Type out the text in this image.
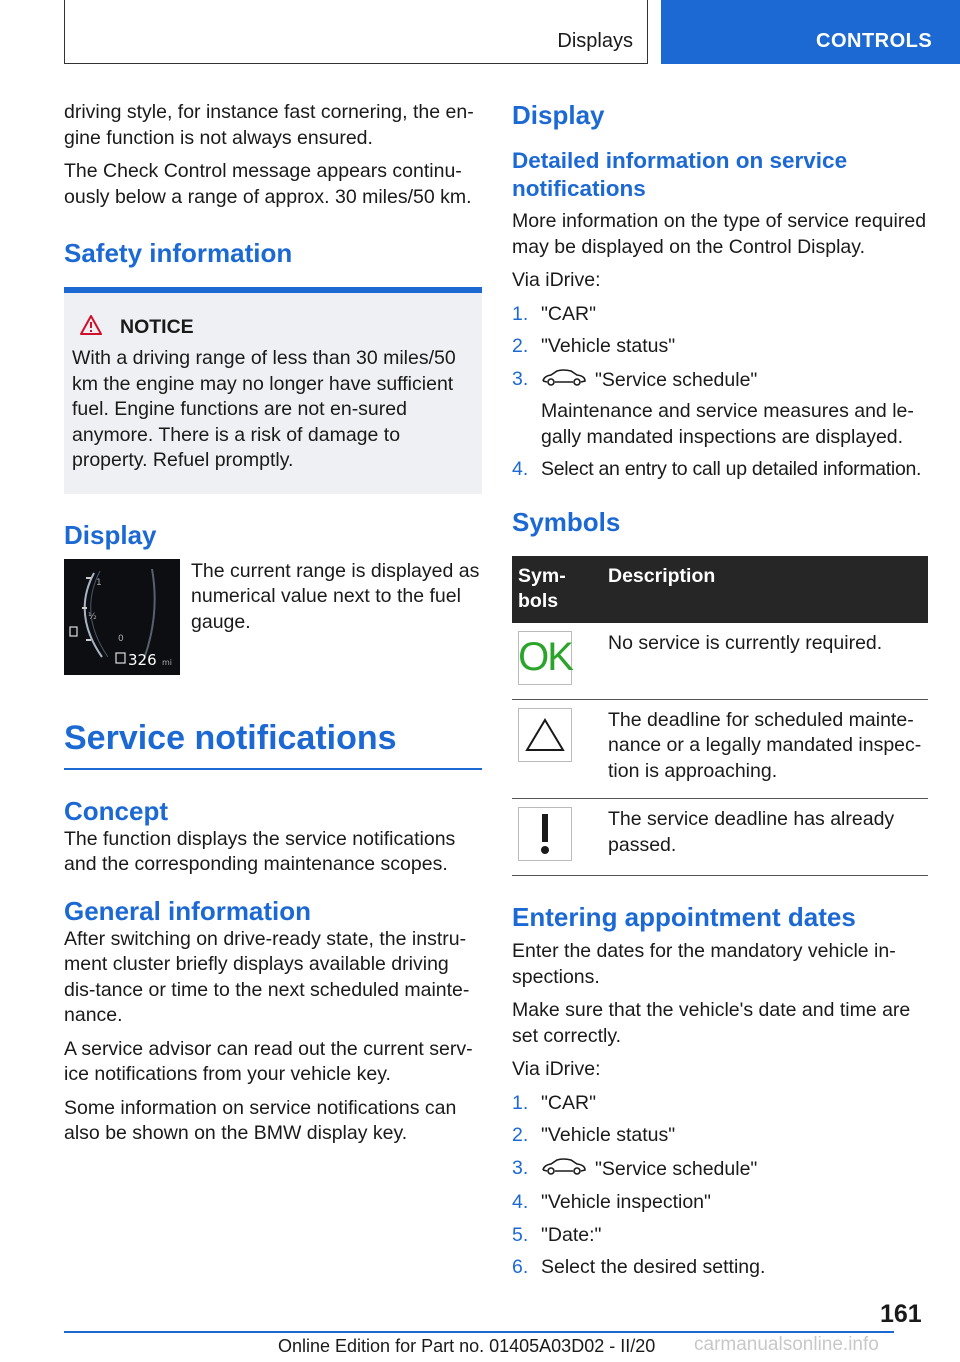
Displays	CONTROLS

driving style, for instance fast cornering, the en-gine function is not always ensured.

The Check Control message appears continu-ously below a range of approx. 30 miles/50 km.

Safety information
NOTICE

With a driving range of less than 30 miles/50 km the engine may no longer have sufficient fuel. Engine functions are not en-sured anymore. There is a risk of damage to property. Refuel promptly.

Display
1
½
0
326 mi

The current range is displayed as numerical value next to the fuel gauge.

Service notifications
Concept

The function displays the service notifications and the corresponding maintenance scopes.

General information

After switching on drive-ready state, the instru-ment cluster briefly displays available driving dis-tance or time to the next scheduled mainte-nance.

A service advisor can read out the current serv-ice notifications from your vehicle key.

Some information on service notifications can also be shown on the BMW display key.

Display
Detailed information on service notifications

More information on the type of service required may be displayed on the Control Display.

Via iDrive:

1. "CAR"
2. "Vehicle status"
3.	"Service schedule"
Maintenance and service measures and le-gally mandated inspections are displayed.
4. Select an entry to call up detailed information.
Symbols
Sym-bols	Description

OK	No service is currently required.

	The deadline for scheduled mainte-nance or a legally mandated inspec-tion is approaching.

	The service deadline has already passed.
Entering appointment dates

Enter the dates for the mandatory vehicle in-spections.

Make sure that the vehicle's date and time are set correctly.

Via iDrive:

1. "CAR"
2. "Vehicle status"
3.	"Service schedule"
4. "Vehicle inspection"
5. "Date:"
6. Select the desired setting.
161
Online Edition for Part no. 01405A03D02 - II/20 carmanualsonline.info
